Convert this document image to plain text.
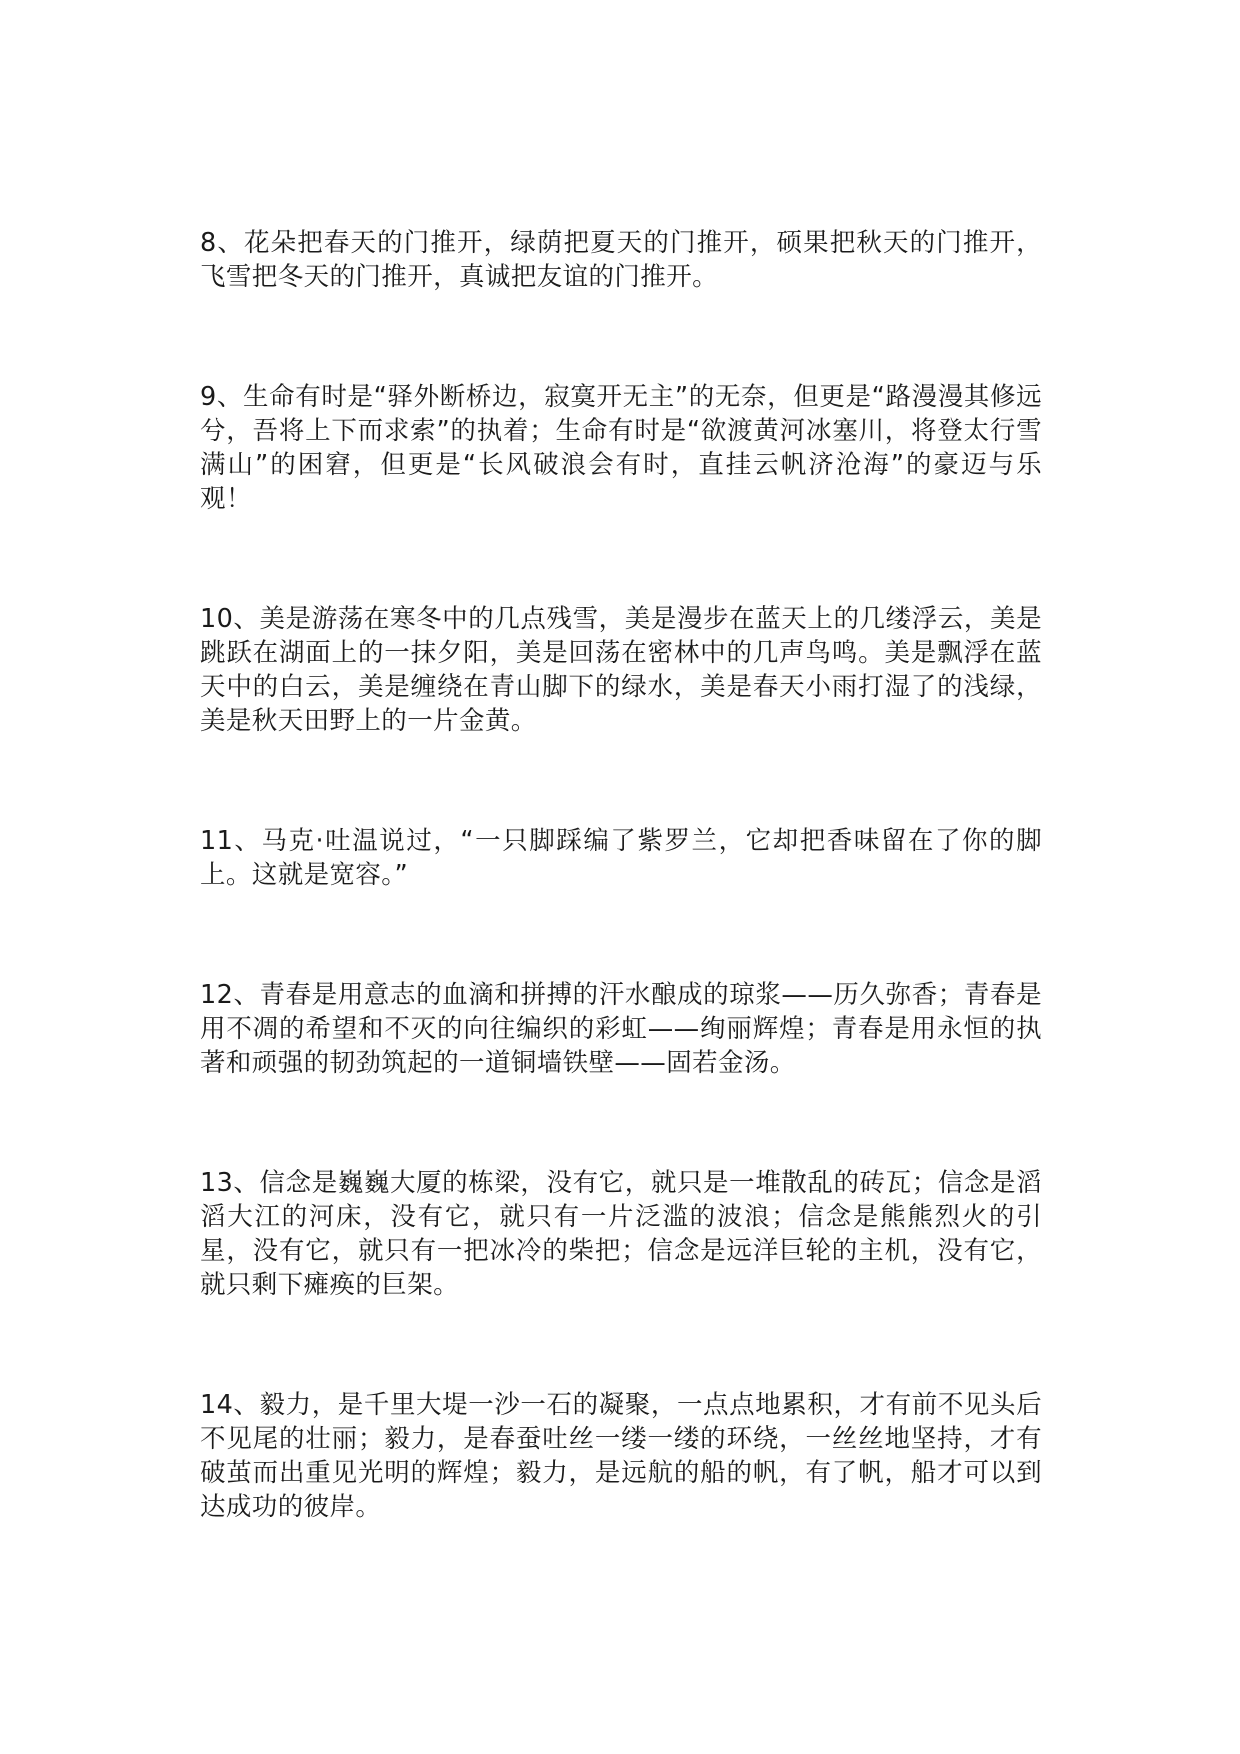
8、花朵把春天的门推开，绿荫把夏天的门推开，硕果把秋天的门推开，飞雪把冬天的门推开，真诚把友谊的门推开。

9、生命有时是“驿外断桥边，寂寞开无主”的无奈，但更是“路漫漫其修远兮，吾将上下而求索”的执着；生命有时是“欲渡黄河冰塞川，将登太行雪满山”的困窘，但更是“长风破浪会有时，直挂云帆济沧海”的豪迈与乐观！

10、美是游荡在寒冬中的几点残雪，美是漫步在蓝天上的几缕浮云，美是跳跃在湖面上的一抹夕阳，美是回荡在密林中的几声鸟鸣。美是飘浮在蓝天中的白云，美是缠绕在青山脚下的绿水，美是春天小雨打湿了的浅绿，美是秋天田野上的一片金黄。

11、马克·吐温说过，“一只脚踩编了紫罗兰，它却把香味留在了你的脚上。这就是宽容。”

12、青春是用意志的血滴和拼搏的汗水酿成的琼浆——历久弥香；青春是用不凋的希望和不灭的向往编织的彩虹——绚丽辉煌；青春是用永恒的执著和顽强的韧劲筑起的一道铜墙铁壁——固若金汤。

13、信念是巍巍大厦的栋梁，没有它，就只是一堆散乱的砖瓦；信念是滔滔大江的河床，没有它，就只有一片泛滥的波浪；信念是熊熊烈火的引星，没有它，就只有一把冰冷的柴把；信念是远洋巨轮的主机，没有它，就只剩下瘫痪的巨架。

14、毅力，是千里大堤一沙一石的凝聚，一点点地累积，才有前不见头后不见尾的壮丽；毅力，是春蚕吐丝一缕一缕的环绕，一丝丝地坚持，才有破茧而出重见光明的辉煌；毅力，是远航的船的帆，有了帆，船才可以到达成功的彼岸。
